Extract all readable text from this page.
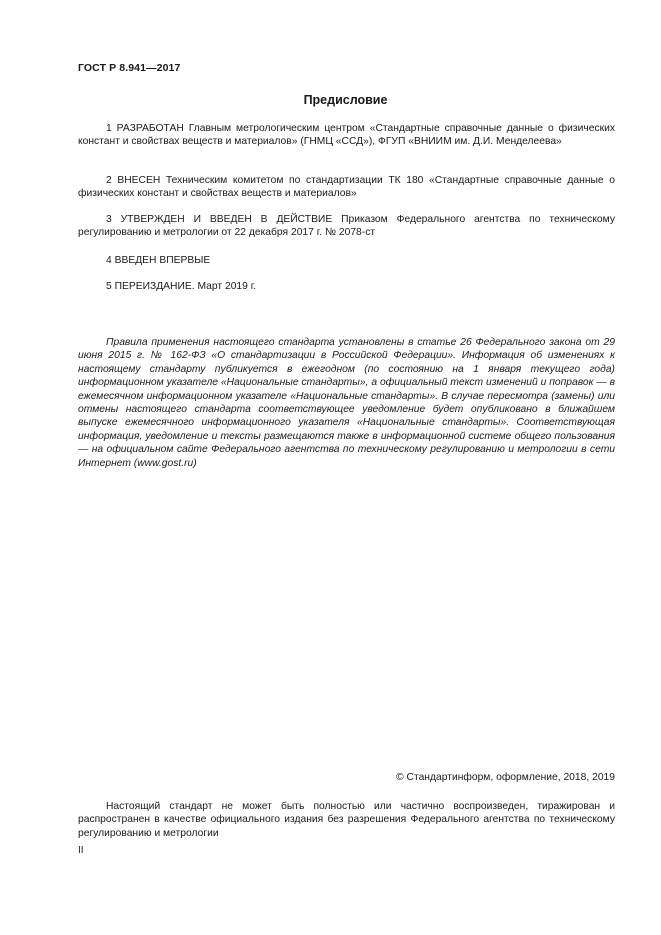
ГОСТ Р 8.941—2017
Предисловие

1 РАЗРАБОТАН Главным метрологическим центром «Стандартные справочные данные о физических констант и свойствах веществ и материалов» (ГНМЦ «ССД»), ФГУП «ВНИИМ им. Д.И. Менделеева»

2 ВНЕСЕН Техническим комитетом по стандартизации ТК 180 «Стандартные справочные данные о физических констант и свойствах веществ и материалов»

3 УТВЕРЖДЕН И ВВЕДЕН В ДЕЙСТВИЕ Приказом Федерального агентства по техническому регулированию и метрологии от 22 декабря 2017 г. № 2078-ст

4 ВВЕДЕН ВПЕРВЫЕ

5 ПЕРЕИЗДАНИЕ. Март 2019 г.

Правила применения настоящего стандарта установлены в статье 26 Федерального закона от 29 июня 2015 г. № 162-ФЗ «О стандартизации в Российской Федерации». Информация об изменениях к настоящему стандарту публикуется в ежегодном (по состоянию на 1 января текущего года) информационном указателе «Национальные стандарты», а официальный текст изменений и поправок — в ежемесячном информационном указателе «Национальные стандарты». В случае пересмотра (замены) или отмены настоящего стандарта соответствующее уведомление будет опубликовано в ближайшем выпуске ежемесячного информационного указателя «Национальные стандарты». Соответствующая информация, уведомление и тексты размещаются также в информационной системе общего пользования — на официальном сайте Федерального агентства по техническому регулированию и метрологии в сети Интернет (www.gost.ru)

© Стандартинформ, оформление, 2018, 2019

Настоящий стандарт не может быть полностью или частично воспроизведен, тиражирован и распространен в качестве официального издания без разрешения Федерального агентства по техническому регулированию и метрологии

II
